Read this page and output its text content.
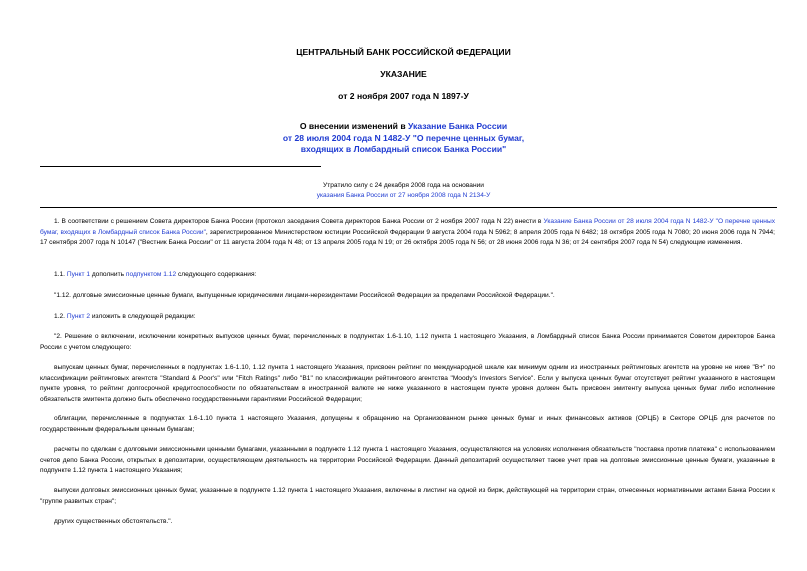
ЦЕНТРАЛЬНЫЙ БАНК РОССИЙСКОЙ ФЕДЕРАЦИИ
УКАЗАНИЕ
от 2 ноября 2007 года N 1897-У
О внесении изменений в Указание Банка России
от 28 июля 2004 года N 1482-У "О перечне ценных бумаг,
входящих в Ломбардный список Банка России"
Утратило силу с 24 декабря 2008 года на основании
указания Банка России от 27 ноября 2008 года N 2134-У
1. В соответствии с решением Совета директоров Банка России (протокол заседания Совета директоров Банка России от 2 ноября 2007 года N 22) внести в Указание Банка России от 28 июля 2004 года N 1482-У "О перечне ценных бумаг, входящих в Ломбардный список Банка России", зарегистрированное Министерством юстиции Российской Федерации 9 августа 2004 года N 5962; 8 апреля 2005 года N 6482; 18 октября 2005 года N 7080; 20 июня 2006 года N 7944; 17 сентября 2007 года N 10147 ("Вестник Банка России" от 11 августа 2004 года N 48; от 13 апреля 2005 года N 19; от 26 октября 2005 года N 56; от 28 июня 2006 года N 36; от 24 сентября 2007 года N 54) следующие изменения.
1.1. Пункт 1 дополнить подпунктом 1.12 следующего содержания:
"1.12. долговые эмиссионные ценные бумаги, выпущенные юридическими лицами-нерезидентами Российской Федерации за пределами Российской Федерации.".
1.2. Пункт 2 изложить в следующей редакции:
"2. Решение о включении, исключении конкретных выпусков ценных бумаг, перечисленных в подпунктах 1.6-1.10, 1.12 пункта 1 настоящего Указания, в Ломбардный список Банка России принимается Советом директоров Банка России с учетом следующего:
выпускам ценных бумаг, перечисленных в подпунктах 1.6-1.10, 1.12 пункта 1 настоящего Указания, присвоен рейтинг по международной шкале как минимум одним из иностранных рейтинговых агентств на уровне не ниже "В+" по классификации рейтинговых агентств "Standard & Poor's" или "Fitch Ratings" либо "В1" по классификации рейтингового агентства "Moody's Investors Service". Если у выпуска ценных бумаг отсутствует рейтинг указанного в настоящем пункте уровня, то рейтинг долгосрочной кредитоспособности по обязательствам в иностранной валюте не ниже указанного в настоящем пункте уровня должен быть присвоен эмитенту выпуска ценных бумаг либо исполнение обязательств эмитента должно быть обеспечено государственными гарантиями Российской Федерации;
облигации, перечисленные в подпунктах 1.6-1.10 пункта 1 настоящего Указания, допущены к обращению на Организованном рынке ценных бумаг и иных финансовых активов (ОРЦБ) в Секторе ОРЦБ для расчетов по государственным федеральным ценным бумагам;
расчеты по сделкам с долговыми эмиссионными ценными бумагами, указанными в подпункте 1.12 пункта 1 настоящего Указания, осуществляются на условиях исполнения обязательств "поставка против платежа" с использованием счетов депо Банка России, открытых в депозитарии, осуществляющем деятельность на территории Российской Федерации. Данный депозитарий осуществляет также учет прав на долговые эмиссионные ценные бумаги, указанные в подпункте 1.12 пункта 1 настоящего Указания;
выпуски долговых эмиссионных ценных бумаг, указанные в подпункте 1.12 пункта 1 настоящего Указания, включены в листинг на одной из бирж, действующей на территории стран, отнесенных нормативными актами Банка России к "группе развитых стран";
других существенных обстоятельств.".
